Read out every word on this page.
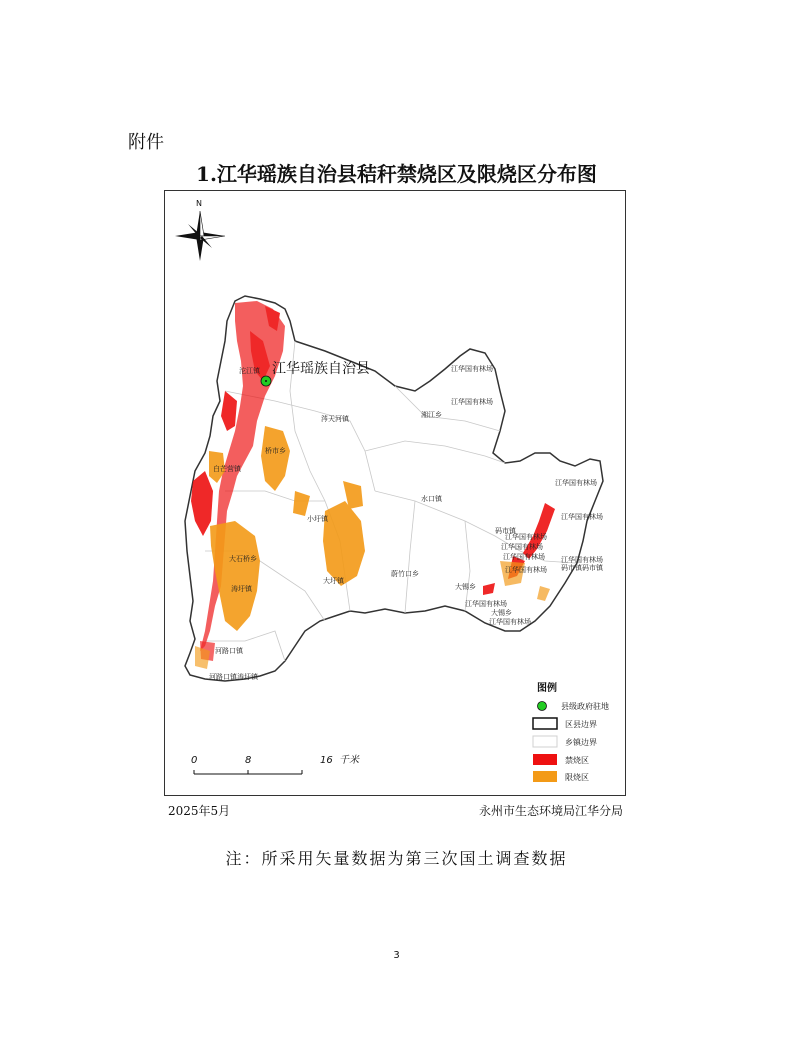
附件
1.江华瑶族自治县秸秆禁烧区及限烧区分布图
N
江华瑶族自治县
沱江镇
涔天河镇
桥市乡
小圩镇
大石桥乡
大圩镇
白芒营镇
涛圩镇
河路口镇
河路口镇涛圩镇
湘江乡
水口镇
码市镇
蔚竹口乡
大锡乡
江华国有林场
江华国有林场
江华国有林场
江华国有林场
江华国有林场
江华国有林场
江华国有林场 江华国有林场
江华国有林场 码市镇码市镇
江华国有林场
大锡乡
江华国有林场
图例
县级政府驻地
区县边界
乡镇边界
禁烧区
限烧区
0	8	16 千米
2025年5月	永州市生态环境局江华分局
注：所采用矢量数据为第三次国土调查数据
3
